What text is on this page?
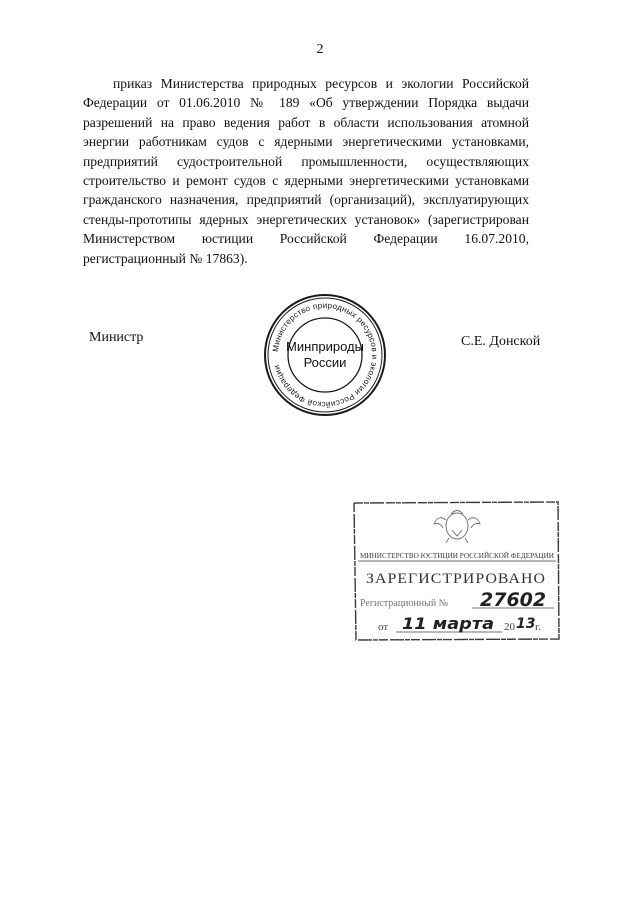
2

приказ Министерства природных ресурсов и экологии Российской Федерации от 01.06.2010 № 189 «Об утверждении Порядка выдачи разрешений на право ведения работ в области использования атомной энергии работникам судов с ядерными энергетическими установками, предприятий судостроительной промышленности, осуществляющих строительство и ремонт судов с ядерными энергетическими установками гражданского назначения, предприятий (организаций), эксплуатирующих стенды-прототипы ядерных энергетических установок» (зарегистрирован Министерством юстиции Российской Федерации 16.07.2010, регистрационный № 17863).

Министр	С.Е. Донской
Министерство природных ресурсов и экологии Российской Федерации
Минприроды
России
МИНИСТЕРСТВО ЮСТИЦИИ РОССИЙСКОЙ ФЕДЕРАЦИИ
ЗАРЕГИСТРИРОВАНО
Регистрационный № 27602
от 11 марта 20 13 г.
